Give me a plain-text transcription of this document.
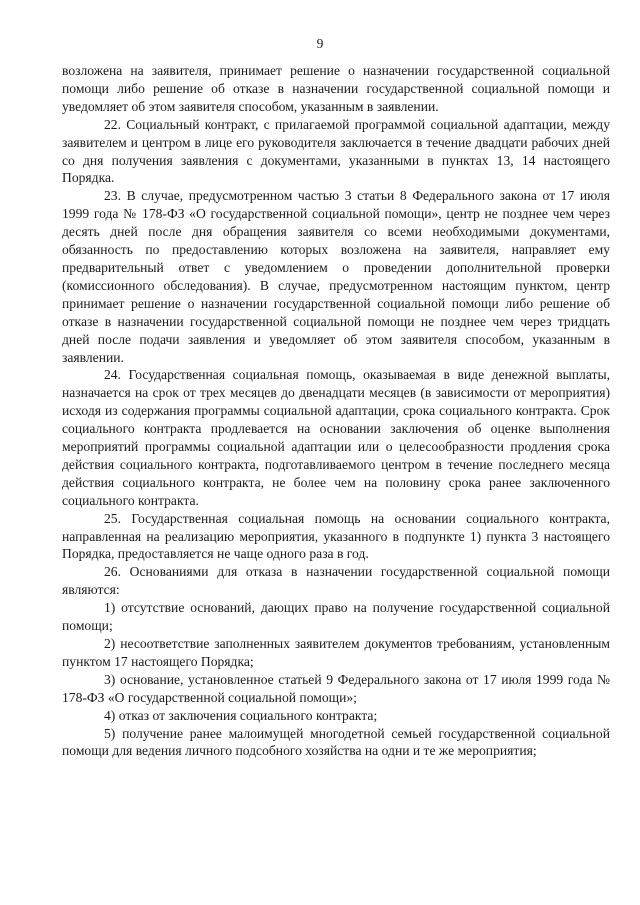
9

возложена на заявителя, принимает решение о назначении государственной социальной помощи либо решение об отказе в назначении государственной социальной помощи и уведомляет об этом заявителя способом, указанным в заявлении.

22. Социальный контракт, с прилагаемой программой социальной адаптации, между заявителем и центром в лице его руководителя заключается в течение двадцати рабочих дней со дня получения заявления с документами, указанными в пунктах 13, 14 настоящего Порядка.

23. В случае, предусмотренном частью 3 статьи 8 Федерального закона от 17 июля 1999 года № 178-ФЗ «О государственной социальной помощи», центр не позднее чем через десять дней после дня обращения заявителя со всеми необходимыми документами, обязанность по предоставлению которых возложена на заявителя, направляет ему предварительный ответ с уведомлением о проведении дополнительной проверки (комиссионного обследования). В случае, предусмотренном настоящим пунктом, центр принимает решение о назначении государственной социальной помощи либо решение об отказе в назначении государственной социальной помощи не позднее чем через тридцать дней после подачи заявления и уведомляет об этом заявителя способом, указанным в заявлении.

24. Государственная социальная помощь, оказываемая в виде денежной выплаты, назначается на срок от трех месяцев до двенадцати месяцев (в зависимости от мероприятия) исходя из содержания программы социальной адаптации, срока социального контракта. Срок социального контракта продлевается на основании заключения об оценке выполнения мероприятий программы социальной адаптации или о целесообразности продления срока действия социального контракта, подготавливаемого центром в течение последнего месяца действия социального контракта, не более чем на половину срока ранее заключенного социального контракта.

25. Государственная социальная помощь на основании социального контракта, направленная на реализацию мероприятия, указанного в подпункте 1) пункта 3 настоящего Порядка, предоставляется не чаще одного раза в год.

26. Основаниями для отказа в назначении государственной социальной помощи являются:

1) отсутствие оснований, дающих право на получение государственной социальной помощи;

2) несоответствие заполненных заявителем документов требованиям, установленным пунктом 17 настоящего Порядка;

3) основание, установленное статьей 9 Федерального закона от 17 июля 1999 года № 178-ФЗ «О государственной социальной помощи»;

4) отказ от заключения социального контракта;

5) получение ранее малоимущей многодетной семьей государственной социальной помощи для ведения личного подсобного хозяйства на одни и те же мероприятия;
